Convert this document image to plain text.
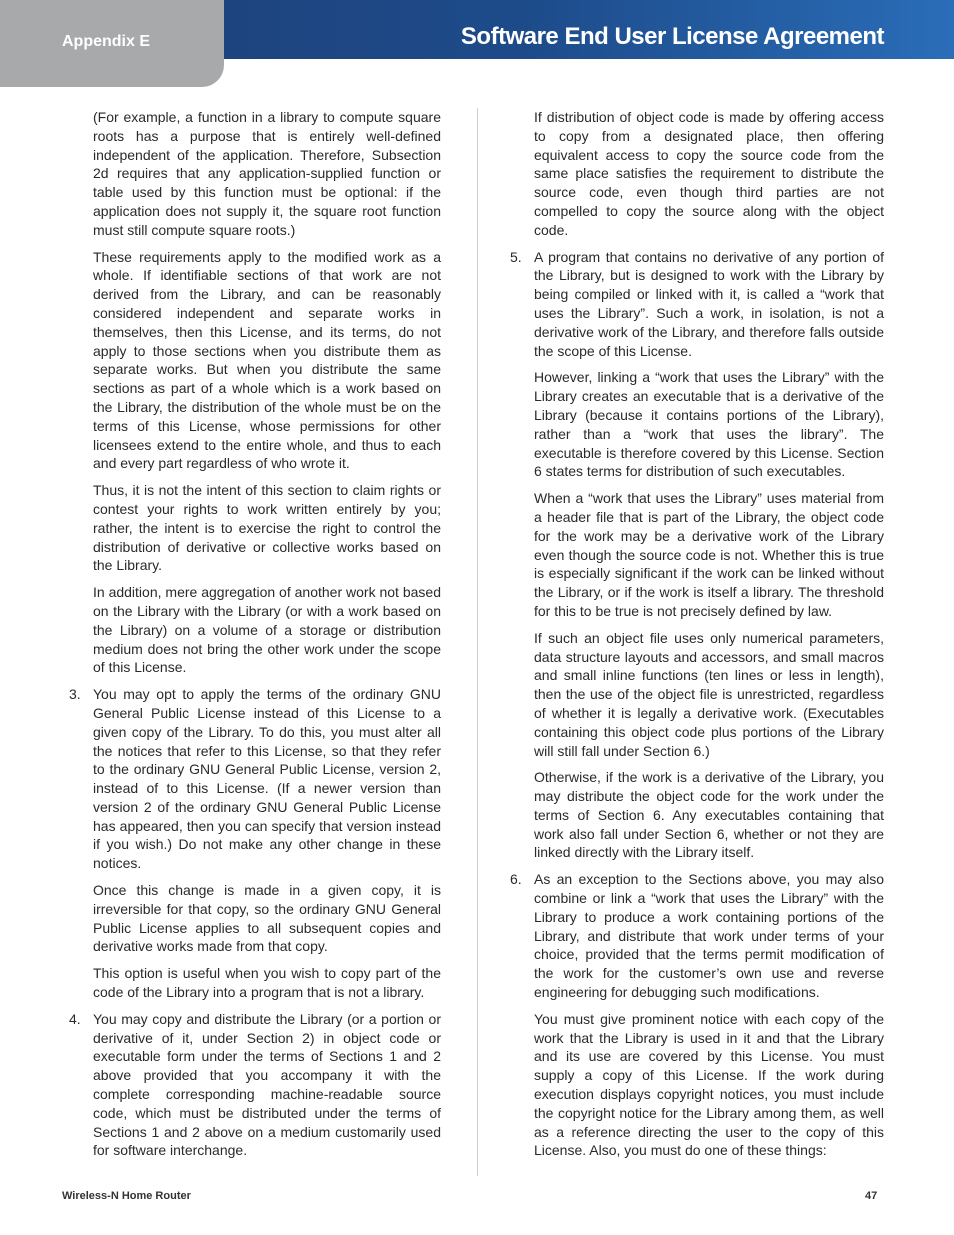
Appendix E	Software End User License Agreement

(For example, a function in a library to compute square roots has a purpose that is entirely well-defined independent of the application. Therefore, Subsection 2d requires that any application-supplied function or table used by this function must be optional: if the application does not supply it, the square root function must still compute square roots.)

These requirements apply to the modified work as a whole. If identifiable sections of that work are not derived from the Library, and can be reasonably considered independent and separate works in themselves, then this License, and its terms, do not apply to those sections when you distribute them as separate works. But when you distribute the same sections as part of a whole which is a work based on the Library, the distribution of the whole must be on the terms of this License, whose permissions for other licensees extend to the entire whole, and thus to each and every part regardless of who wrote it.

Thus, it is not the intent of this section to claim rights or contest your rights to work written entirely by you; rather, the intent is to exercise the right to control the distribution of derivative or collective works based on the Library.

In addition, mere aggregation of another work not based on the Library with the Library (or with a work based on the Library) on a volume of a storage or distribution medium does not bring the other work under the scope of this License.

3. You may opt to apply the terms of the ordinary GNU General Public License instead of this License to a given copy of the Library. To do this, you must alter all the notices that refer to this License, so that they refer to the ordinary GNU General Public License, version 2, instead of to this License. (If a newer version than version 2 of the ordinary GNU General Public License has appeared, then you can specify that version instead if you wish.) Do not make any other change in these notices.

Once this change is made in a given copy, it is irreversible for that copy, so the ordinary GNU General Public License applies to all subsequent copies and derivative works made from that copy.

This option is useful when you wish to copy part of the code of the Library into a program that is not a library.

4. You may copy and distribute the Library (or a portion or derivative of it, under Section 2) in object code or executable form under the terms of Sections 1 and 2 above provided that you accompany it with the complete corresponding machine-readable source code, which must be distributed under the terms of Sections 1 and 2 above on a medium customarily used for software interchange.

If distribution of object code is made by offering access to copy from a designated place, then offering equivalent access to copy the source code from the same place satisfies the requirement to distribute the source code, even though third parties are not compelled to copy the source along with the object code.

5. A program that contains no derivative of any portion of the Library, but is designed to work with the Library by being compiled or linked with it, is called a “work that uses the Library”. Such a work, in isolation, is not a derivative work of the Library, and therefore falls outside the scope of this License.

However, linking a “work that uses the Library” with the Library creates an executable that is a derivative of the Library (because it contains portions of the Library), rather than a “work that uses the library”. The executable is therefore covered by this License. Section 6 states terms for distribution of such executables.

When a “work that uses the Library” uses material from a header file that is part of the Library, the object code for the work may be a derivative work of the Library even though the source code is not. Whether this is true is especially significant if the work can be linked without the Library, or if the work is itself a library. The threshold for this to be true is not precisely defined by law.

If such an object file uses only numerical parameters, data structure layouts and accessors, and small macros and small inline functions (ten lines or less in length), then the use of the object file is unrestricted, regardless of whether it is legally a derivative work. (Executables containing this object code plus portions of the Library will still fall under Section 6.)

Otherwise, if the work is a derivative of the Library, you may distribute the object code for the work under the terms of Section 6. Any executables containing that work also fall under Section 6, whether or not they are linked directly with the Library itself.

6. As an exception to the Sections above, you may also combine or link a “work that uses the Library” with the Library to produce a work containing portions of the Library, and distribute that work under terms of your choice, provided that the terms permit modification of the work for the customer’s own use and reverse engineering for debugging such modifications.

You must give prominent notice with each copy of the work that the Library is used in it and that the Library and its use are covered by this License. You must supply a copy of this License. If the work during execution displays copyright notices, you must include the copyright notice for the Library among them, as well as a reference directing the user to the copy of this License. Also, you must do one of these things:

Wireless-N Home Router	47
